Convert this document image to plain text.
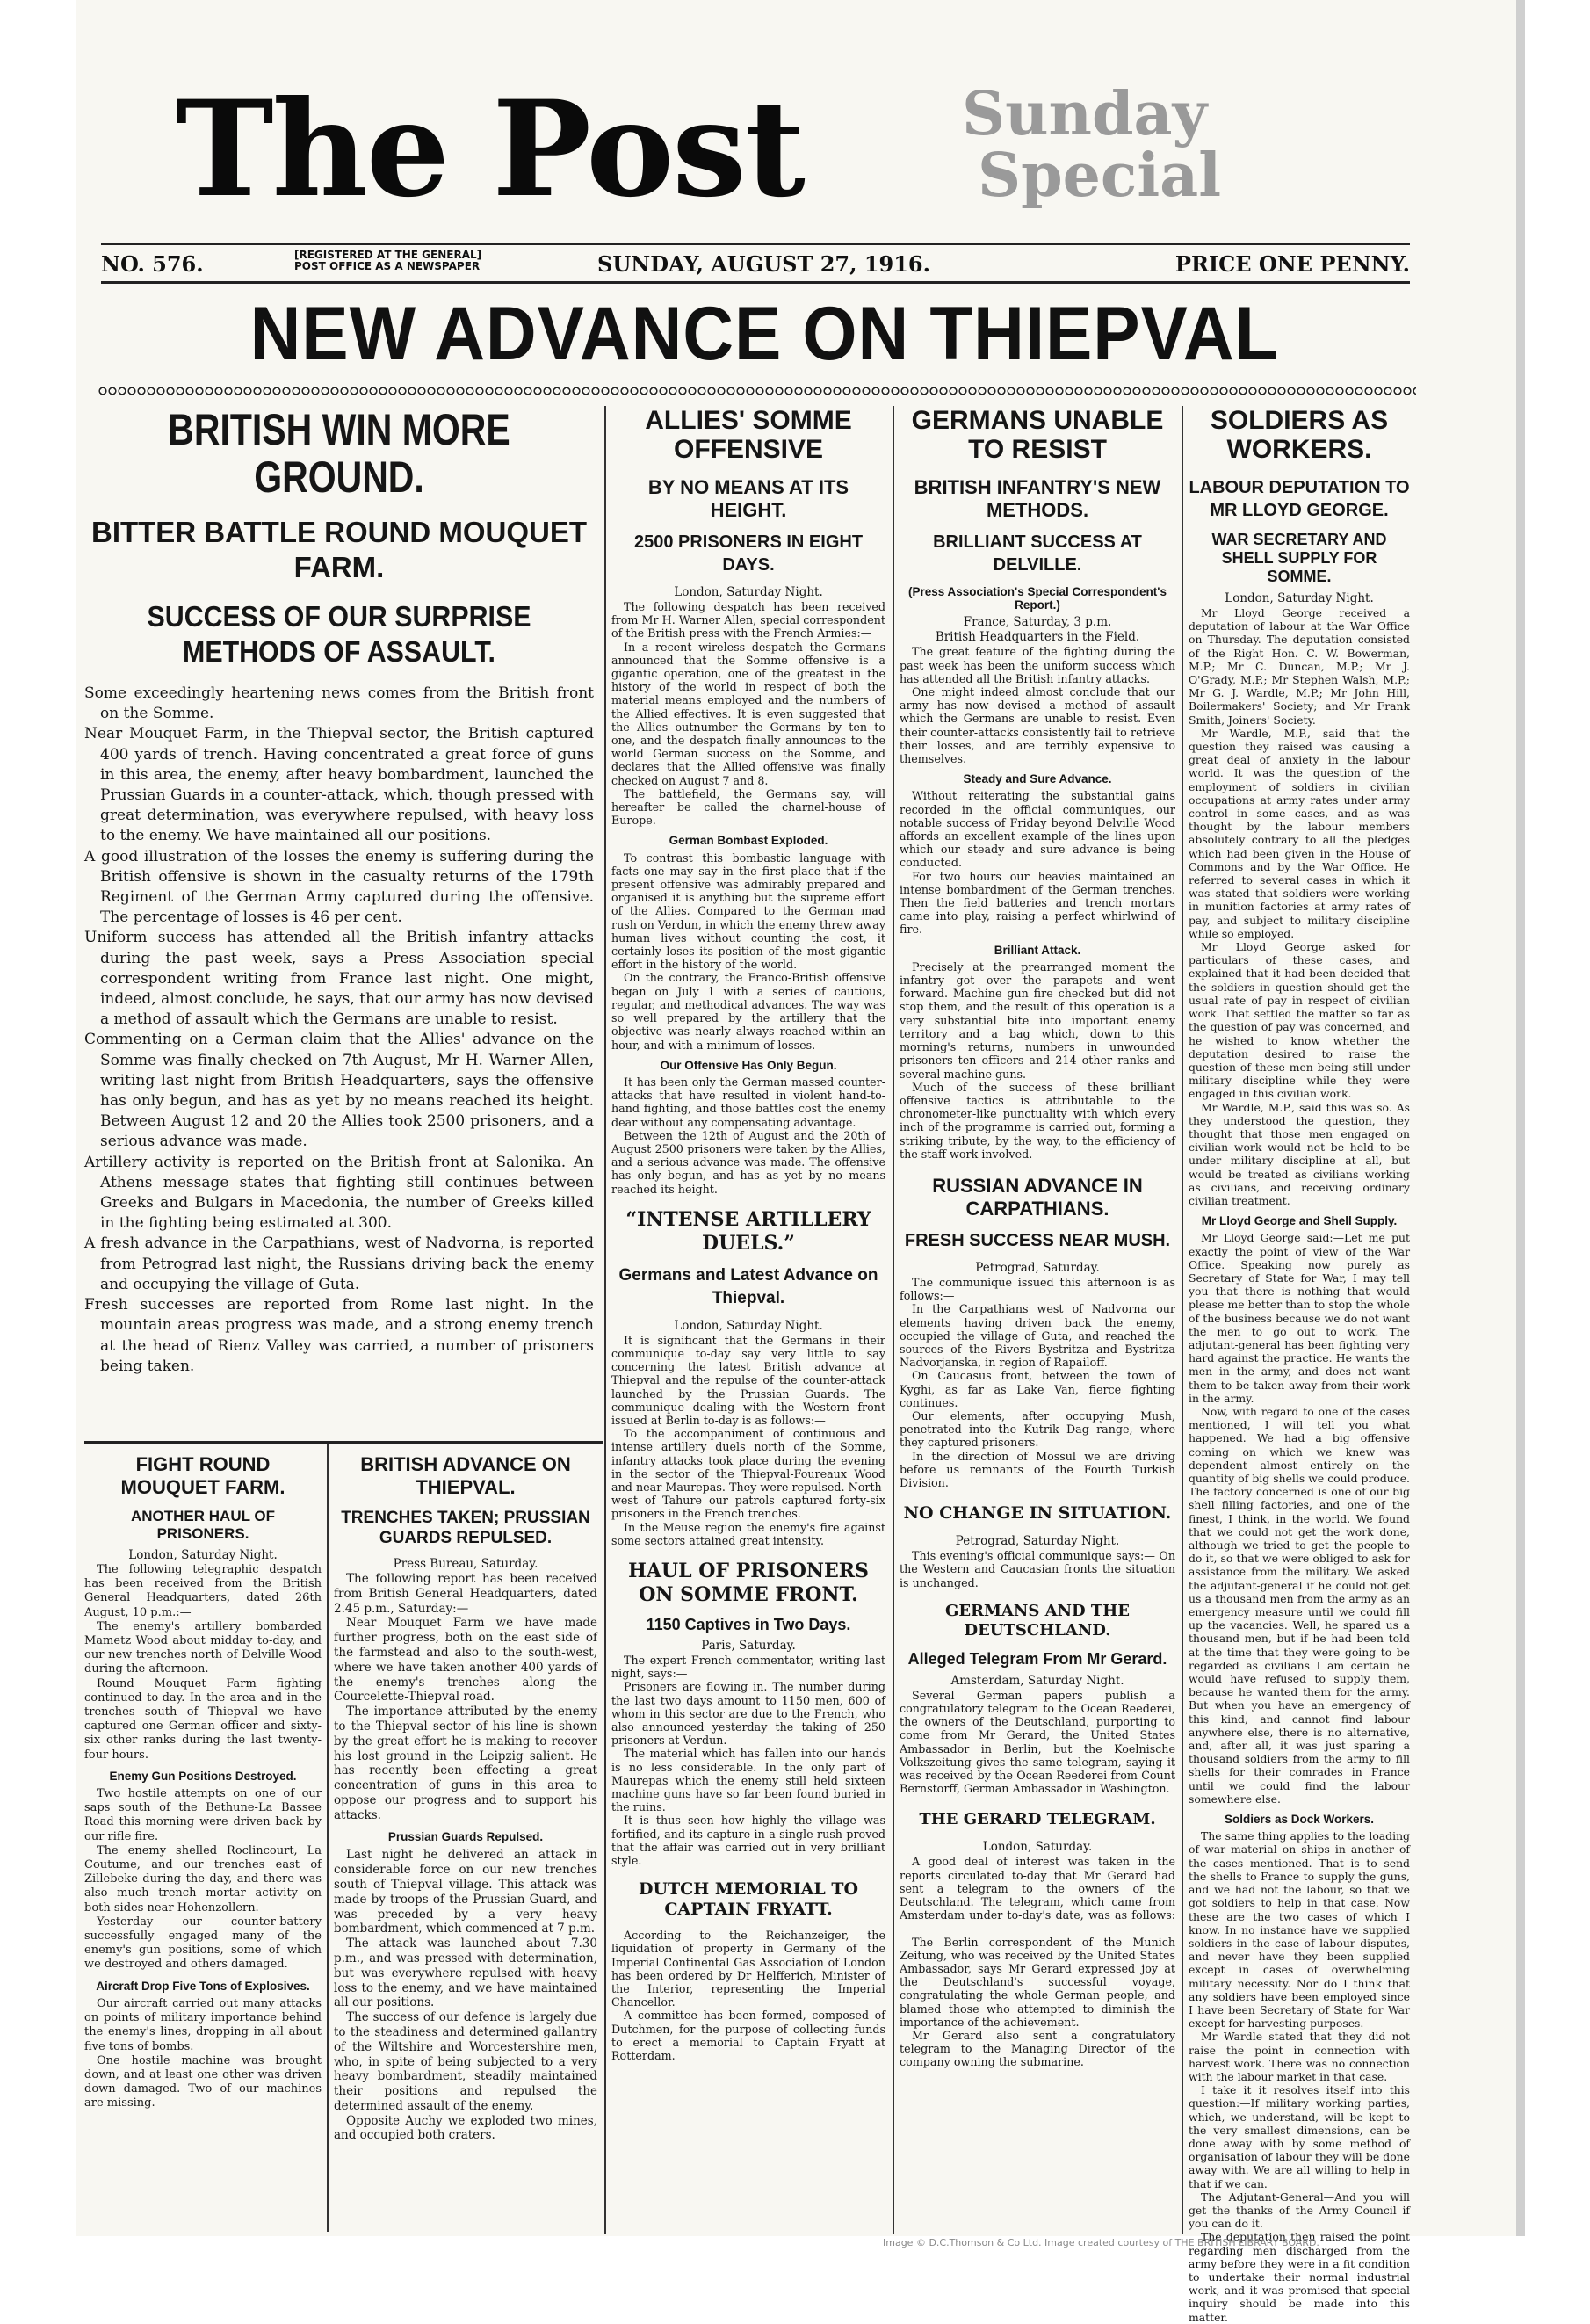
The Post	Sunday
Special
NO. 576.	[REGISTERED AT THE GENERAL]
POST OFFICE AS A NEWSPAPER	SUNDAY, AUGUST 27, 1916.	PRICE ONE PENNY.
NEW ADVANCE ON THIEPVAL
BRITISH WIN MORE GROUND.
BITTER BATTLE ROUND MOUQUET FARM.
SUCCESS OF OUR SURPRISE METHODS OF ASSAULT.

Some exceedingly heartening news comes from the British front on the Somme.

Near Mouquet Farm, in the Thiepval sector, the British captured 400 yards of trench. Having concentrated a great force of guns in this area, the enemy, after heavy bombardment, launched the Prussian Guards in a counter-attack, which, though pressed with great determination, was everywhere repulsed, with heavy loss to the enemy. We have maintained all our positions.

A good illustration of the losses the enemy is suffering during the British offensive is shown in the casualty returns of the 179th Regiment of the German Army captured during the offensive. The percentage of losses is 46 per cent.

Uniform success has attended all the British infantry attacks during the past week, says a Press Association special correspondent writing from France last night. One might, indeed, almost conclude, he says, that our army has now devised a method of assault which the Germans are unable to resist.

Commenting on a German claim that the Allies' advance on the Somme was finally checked on 7th August, Mr H. Warner Allen, writing last night from British Headquarters, says the offensive has only begun, and has as yet by no means reached its height. Between August 12 and 20 the Allies took 2500 prisoners, and a serious advance was made.

Artillery activity is reported on the British front at Salonika. An Athens message states that fighting still continues between Greeks and Bulgars in Macedonia, the number of Greeks killed in the fighting being estimated at 300.

A fresh advance in the Carpathians, west of Nadvorna, is reported from Petrograd last night, the Russians driving back the enemy and occupying the village of Guta.

Fresh successes are reported from Rome last night. In the mountain areas progress was made, and a strong enemy trench at the head of Rienz Valley was carried, a number of prisoners being taken.

FIGHT ROUND MOUQUET FARM.
ANOTHER HAUL OF PRISONERS.
London, Saturday Night.

The following telegraphic despatch has been received from the British General Headquarters, dated 26th August, 10 p.m.:—

The enemy's artillery bombarded Mametz Wood about midday to-day, and our new trenches north of Delville Wood during the afternoon.

Round Mouquet Farm fighting continued to-day. In the area and in the trenches south of Thiepval we have captured one German officer and sixty-six other ranks during the last twenty-four hours.

Enemy Gun Positions Destroyed.

Two hostile attempts on one of our saps south of the Bethune-La Bassee Road this morning were driven back by our rifle fire.

The enemy shelled Roclincourt, La Coutume, and our trenches east of Zillebeke during the day, and there was also much trench mortar activity on both sides near Hohenzollern.

Yesterday our counter-battery successfully engaged many of the enemy's gun positions, some of which we destroyed and others damaged.

Aircraft Drop Five Tons of Explosives.

Our aircraft carried out many attacks on points of military importance behind the enemy's lines, dropping in all about five tons of bombs.

One hostile machine was brought down, and at least one other was driven down damaged. Two of our machines are missing.

BRITISH ADVANCE ON THIEPVAL.
TRENCHES TAKEN; PRUSSIAN GUARDS REPULSED.
Press Bureau, Saturday.

The following report has been received from British General Headquarters, dated 2.45 p.m., Saturday:—

Near Mouquet Farm we have made further progress, both on the east side of the farmstead and also to the south-west, where we have taken another 400 yards of the enemy's trenches along the Courcelette-Thiepval road.

The importance attributed by the enemy to the Thiepval sector of his line is shown by the great effort he is making to recover his lost ground in the Leipzig salient. He has recently been effecting a great concentration of guns in this area to oppose our progress and to support his attacks.

Prussian Guards Repulsed.

Last night he delivered an attack in considerable force on our new trenches south of Thiepval village. This attack was made by troops of the Prussian Guard, and was preceded by a very heavy bombardment, which commenced at 7 p.m.

The attack was launched about 7.30 p.m., and was pressed with determination, but was everywhere repulsed with heavy loss to the enemy, and we have maintained all our positions.

The success of our defence is largely due to the steadiness and determined gallantry of the Wiltshire and Worcestershire men, who, in spite of being subjected to a very heavy bombardment, steadily maintained their positions and repulsed the determined assault of the enemy.

Opposite Auchy we exploded two mines, and occupied both craters.

ALLIES' SOMME OFFENSIVE
BY NO MEANS AT ITS HEIGHT.
2500 PRISONERS IN EIGHT DAYS.
London, Saturday Night.

The following despatch has been received from Mr H. Warner Allen, special correspondent of the British press with the French Armies:—

In a recent wireless despatch the Germans announced that the Somme offensive is a gigantic operation, one of the greatest in the history of the world in respect of both the material means employed and the numbers of the Allied effectives. It is even suggested that the Allies outnumber the Germans by ten to one, and the despatch finally announces to the world German success on the Somme, and declares that the Allied offensive was finally checked on August 7 and 8.

The battlefield, the Germans say, will hereafter be called the charnel-house of Europe.

German Bombast Exploded.

To contrast this bombastic language with facts one may say in the first place that if the present offensive was admirably prepared and organised it is anything but the supreme effort of the Allies. Compared to the German mad rush on Verdun, in which the enemy threw away human lives without counting the cost, it certainly loses its position of the most gigantic effort in the history of the world.

On the contrary, the Franco-British offensive began on July 1 with a series of cautious, regular, and methodical advances. The way was so well prepared by the artillery that the objective was nearly always reached within an hour, and with a minimum of losses.

Our Offensive Has Only Begun.

It has been only the German massed counter-attacks that have resulted in violent hand-to-hand fighting, and those battles cost the enemy dear without any compensating advantage.

Between the 12th of August and the 20th of August 2500 prisoners were taken by the Allies, and a serious advance was made. The offensive has only begun, and has as yet by no means reached its height.

“INTENSE ARTILLERY DUELS.”
Germans and Latest Advance on Thiepval.
London, Saturday Night.

It is significant that the Germans in their communique to-day say very little to say concerning the latest British advance at Thiepval and the repulse of the counter-attack launched by the Prussian Guards. The communique dealing with the Western front issued at Berlin to-day is as follows:—

To the accompaniment of continuous and intense artillery duels north of the Somme, infantry attacks took place during the evening in the sector of the Thiepval-Foureaux Wood and near Maurepas. They were repulsed. North-west of Tahure our patrols captured forty-six prisoners in the French trenches.

In the Meuse region the enemy's fire against some sectors attained great intensity.

HAUL OF PRISONERS ON SOMME FRONT.
1150 Captives in Two Days.
Paris, Saturday.

The expert French commentator, writing last night, says:—

Prisoners are flowing in. The number during the last two days amount to 1150 men, 600 of whom in this sector are due to the French, who also announced yesterday the taking of 250 prisoners at Verdun.

The material which has fallen into our hands is no less considerable. In the only part of Maurepas which the enemy still held sixteen machine guns have so far been found buried in the ruins.

It is thus seen how highly the village was fortified, and its capture in a single rush proved that the affair was carried out in very brilliant style.

DUTCH MEMORIAL TO CAPTAIN FRYATT.

According to the Reichanzeiger, the liquidation of property in Germany of the Imperial Continental Gas Association of London has been ordered by Dr Helfferich, Minister of the Interior, representing the Imperial Chancellor.

A committee has been formed, composed of Dutchmen, for the purpose of collecting funds to erect a memorial to Captain Fryatt at Rotterdam.

GERMANS UNABLE TO RESIST
BRITISH INFANTRY'S NEW METHODS.
BRILLIANT SUCCESS AT DELVILLE.
(Press Association's Special Correspondent's Report.)
France, Saturday, 3 p.m.
British Headquarters in the Field.

The great feature of the fighting during the past week has been the uniform success which has attended all the British infantry attacks.

One might indeed almost conclude that our army has now devised a method of assault which the Germans are unable to resist. Even their counter-attacks consistently fail to retrieve their losses, and are terribly expensive to themselves.

Steady and Sure Advance.

Without reiterating the substantial gains recorded in the official communiques, our notable success of Friday beyond Delville Wood affords an excellent example of the lines upon which our steady and sure advance is being conducted.

For two hours our heavies maintained an intense bombardment of the German trenches. Then the field batteries and trench mortars came into play, raising a perfect whirlwind of fire.

Brilliant Attack.

Precisely at the prearranged moment the infantry got over the parapets and went forward. Machine gun fire checked but did not stop them, and the result of this operation is a very substantial bite into important enemy territory and a bag which, down to this morning's returns, numbers in unwounded prisoners ten officers and 214 other ranks and several machine guns.

Much of the success of these brilliant offensive tactics is attributable to the chronometer-like punctuality with which every inch of the programme is carried out, forming a striking tribute, by the way, to the efficiency of the staff work involved.

RUSSIAN ADVANCE IN CARPATHIANS.
FRESH SUCCESS NEAR MUSH.
Petrograd, Saturday.

The communique issued this afternoon is as follows:—

In the Carpathians west of Nadvorna our elements having driven back the enemy, occupied the village of Guta, and reached the sources of the Rivers Bystritza and Bystritza Nadvorjanska, in region of Rapailoff.

On Caucasus front, between the town of Kyghi, as far as Lake Van, fierce fighting continues.

Our elements, after occupying Mush, penetrated into the Kutrik Dag range, where they captured prisoners.

In the direction of Mossul we are driving before us remnants of the Fourth Turkish Division.

NO CHANGE IN SITUATION.
Petrograd, Saturday Night.

This evening's official communique says:— On the Western and Caucasian fronts the situation is unchanged.

GERMANS AND THE DEUTSCHLAND.
Alleged Telegram From Mr Gerard.
Amsterdam, Saturday Night.

Several German papers publish a congratulatory telegram to the Ocean Reederei, the owners of the Deutschland, purporting to come from Mr Gerard, the United States Ambassador in Berlin, but the Koelnische Volkszeitung gives the same telegram, saying it was received by the Ocean Reederei from Count Bernstorff, German Ambassador in Washington.

THE GERARD TELEGRAM.
London, Saturday.

A good deal of interest was taken in the reports circulated to-day that Mr Gerard had sent a telegram to the owners of the Deutschland. The telegram, which came from Amsterdam under to-day's date, was as follows:—

The Berlin correspondent of the Munich Zeitung, who was received by the United States Ambassador, says Mr Gerard expressed joy at the Deutschland's successful voyage, congratulating the whole German people, and blamed those who attempted to diminish the importance of the achievement.

Mr Gerard also sent a congratulatory telegram to the Managing Director of the company owning the submarine.

SOLDIERS AS WORKERS.
LABOUR DEPUTATION TO MR LLOYD GEORGE.
WAR SECRETARY AND SHELL SUPPLY FOR SOMME.
London, Saturday Night.

Mr Lloyd George received a deputation of labour at the War Office on Thursday. The deputation consisted of the Right Hon. C. W. Bowerman, M.P.; Mr C. Duncan, M.P.; Mr J. O'Grady, M.P.; Mr Stephen Walsh, M.P.; Mr G. J. Wardle, M.P.; Mr John Hill, Boilermakers' Society; and Mr Frank Smith, Joiners' Society.

Mr Wardle, M.P., said that the question they raised was causing a great deal of anxiety in the labour world. It was the question of the employment of soldiers in civilian occupations at army rates under army control in some cases, and as was thought by the labour members absolutely contrary to all the pledges which had been given in the House of Commons and by the War Office. He referred to several cases in which it was stated that soldiers were working in munition factories at army rates of pay, and subject to military discipline while so employed.

Mr Lloyd George asked for particulars of these cases, and explained that it had been decided that the soldiers in question should get the usual rate of pay in respect of civilian work. That settled the matter so far as the question of pay was concerned, and he wished to know whether the deputation desired to raise the question of these men being still under military discipline while they were engaged in this civilian work.

Mr Wardle, M.P., said this was so. As they understood the question, they thought that those men engaged on civilian work would not be held to be under military discipline at all, but would be treated as civilians working as civilians, and receiving ordinary civilian treatment.

Mr Lloyd George and Shell Supply.

Mr Lloyd George said:—Let me put exactly the point of view of the War Office. Speaking now purely as Secretary of State for War, I may tell you that there is nothing that would please me better than to stop the whole of the business because we do not want the men to go out to work. The adjutant-general has been fighting very hard against the practice. He wants the men in the army, and does not want them to be taken away from their work in the army.

Now, with regard to one of the cases mentioned, I will tell you what happened. We had a big offensive coming on which we knew was dependent almost entirely on the quantity of big shells we could produce. The factory concerned is one of our big shell filling factories, and one of the finest, I think, in the world. We found that we could not get the work done, although we tried to get the people to do it, so that we were obliged to ask for assistance from the military. We asked the adjutant-general if he could not get us a thousand men from the army as an emergency measure until we could fill up the vacancies. Well, he spared us a thousand men, but if he had been told at the time that they were going to be regarded as civilians I am certain he would have refused to supply them, because he wanted them for the army. But when you have an emergency of this kind, and cannot find labour anywhere else, there is no alternative, and, after all, it was just sparing a thousand soldiers from the army to fill shells for their comrades in France until we could find the labour somewhere else.

Soldiers as Dock Workers.

The same thing applies to the loading of war material on ships in another of the cases mentioned. That is to send the shells to France to supply the guns, and we had not the labour, so that we got soldiers to help in that case. Now these are the two cases of which I know. In no instance have we supplied soldiers in the case of labour disputes, and never have they been supplied except in cases of overwhelming military necessity. Nor do I think that any soldiers have been employed since I have been Secretary of State for War except for harvesting purposes.

Mr Wardle stated that they did not raise the point in connection with harvest work. There was no connection with the labour market in that case.

I take it it resolves itself into this question:—If military working parties, which, we understand, will be kept to the very smallest dimensions, can be done away with by some method of organisation of labour they will be done away with. We are all willing to help in that if we can.

The Adjutant-General—And you will get the thanks of the Army Council if you can do it.

The deputation then raised the point regarding men discharged from the army before they were in a fit condition to undertake their normal industrial work, and it was promised that special inquiry should be made into this matter.

Image © D.C.Thomson & Co Ltd. Image created courtesy of THE BRITISH LIBRARY BOARD.
